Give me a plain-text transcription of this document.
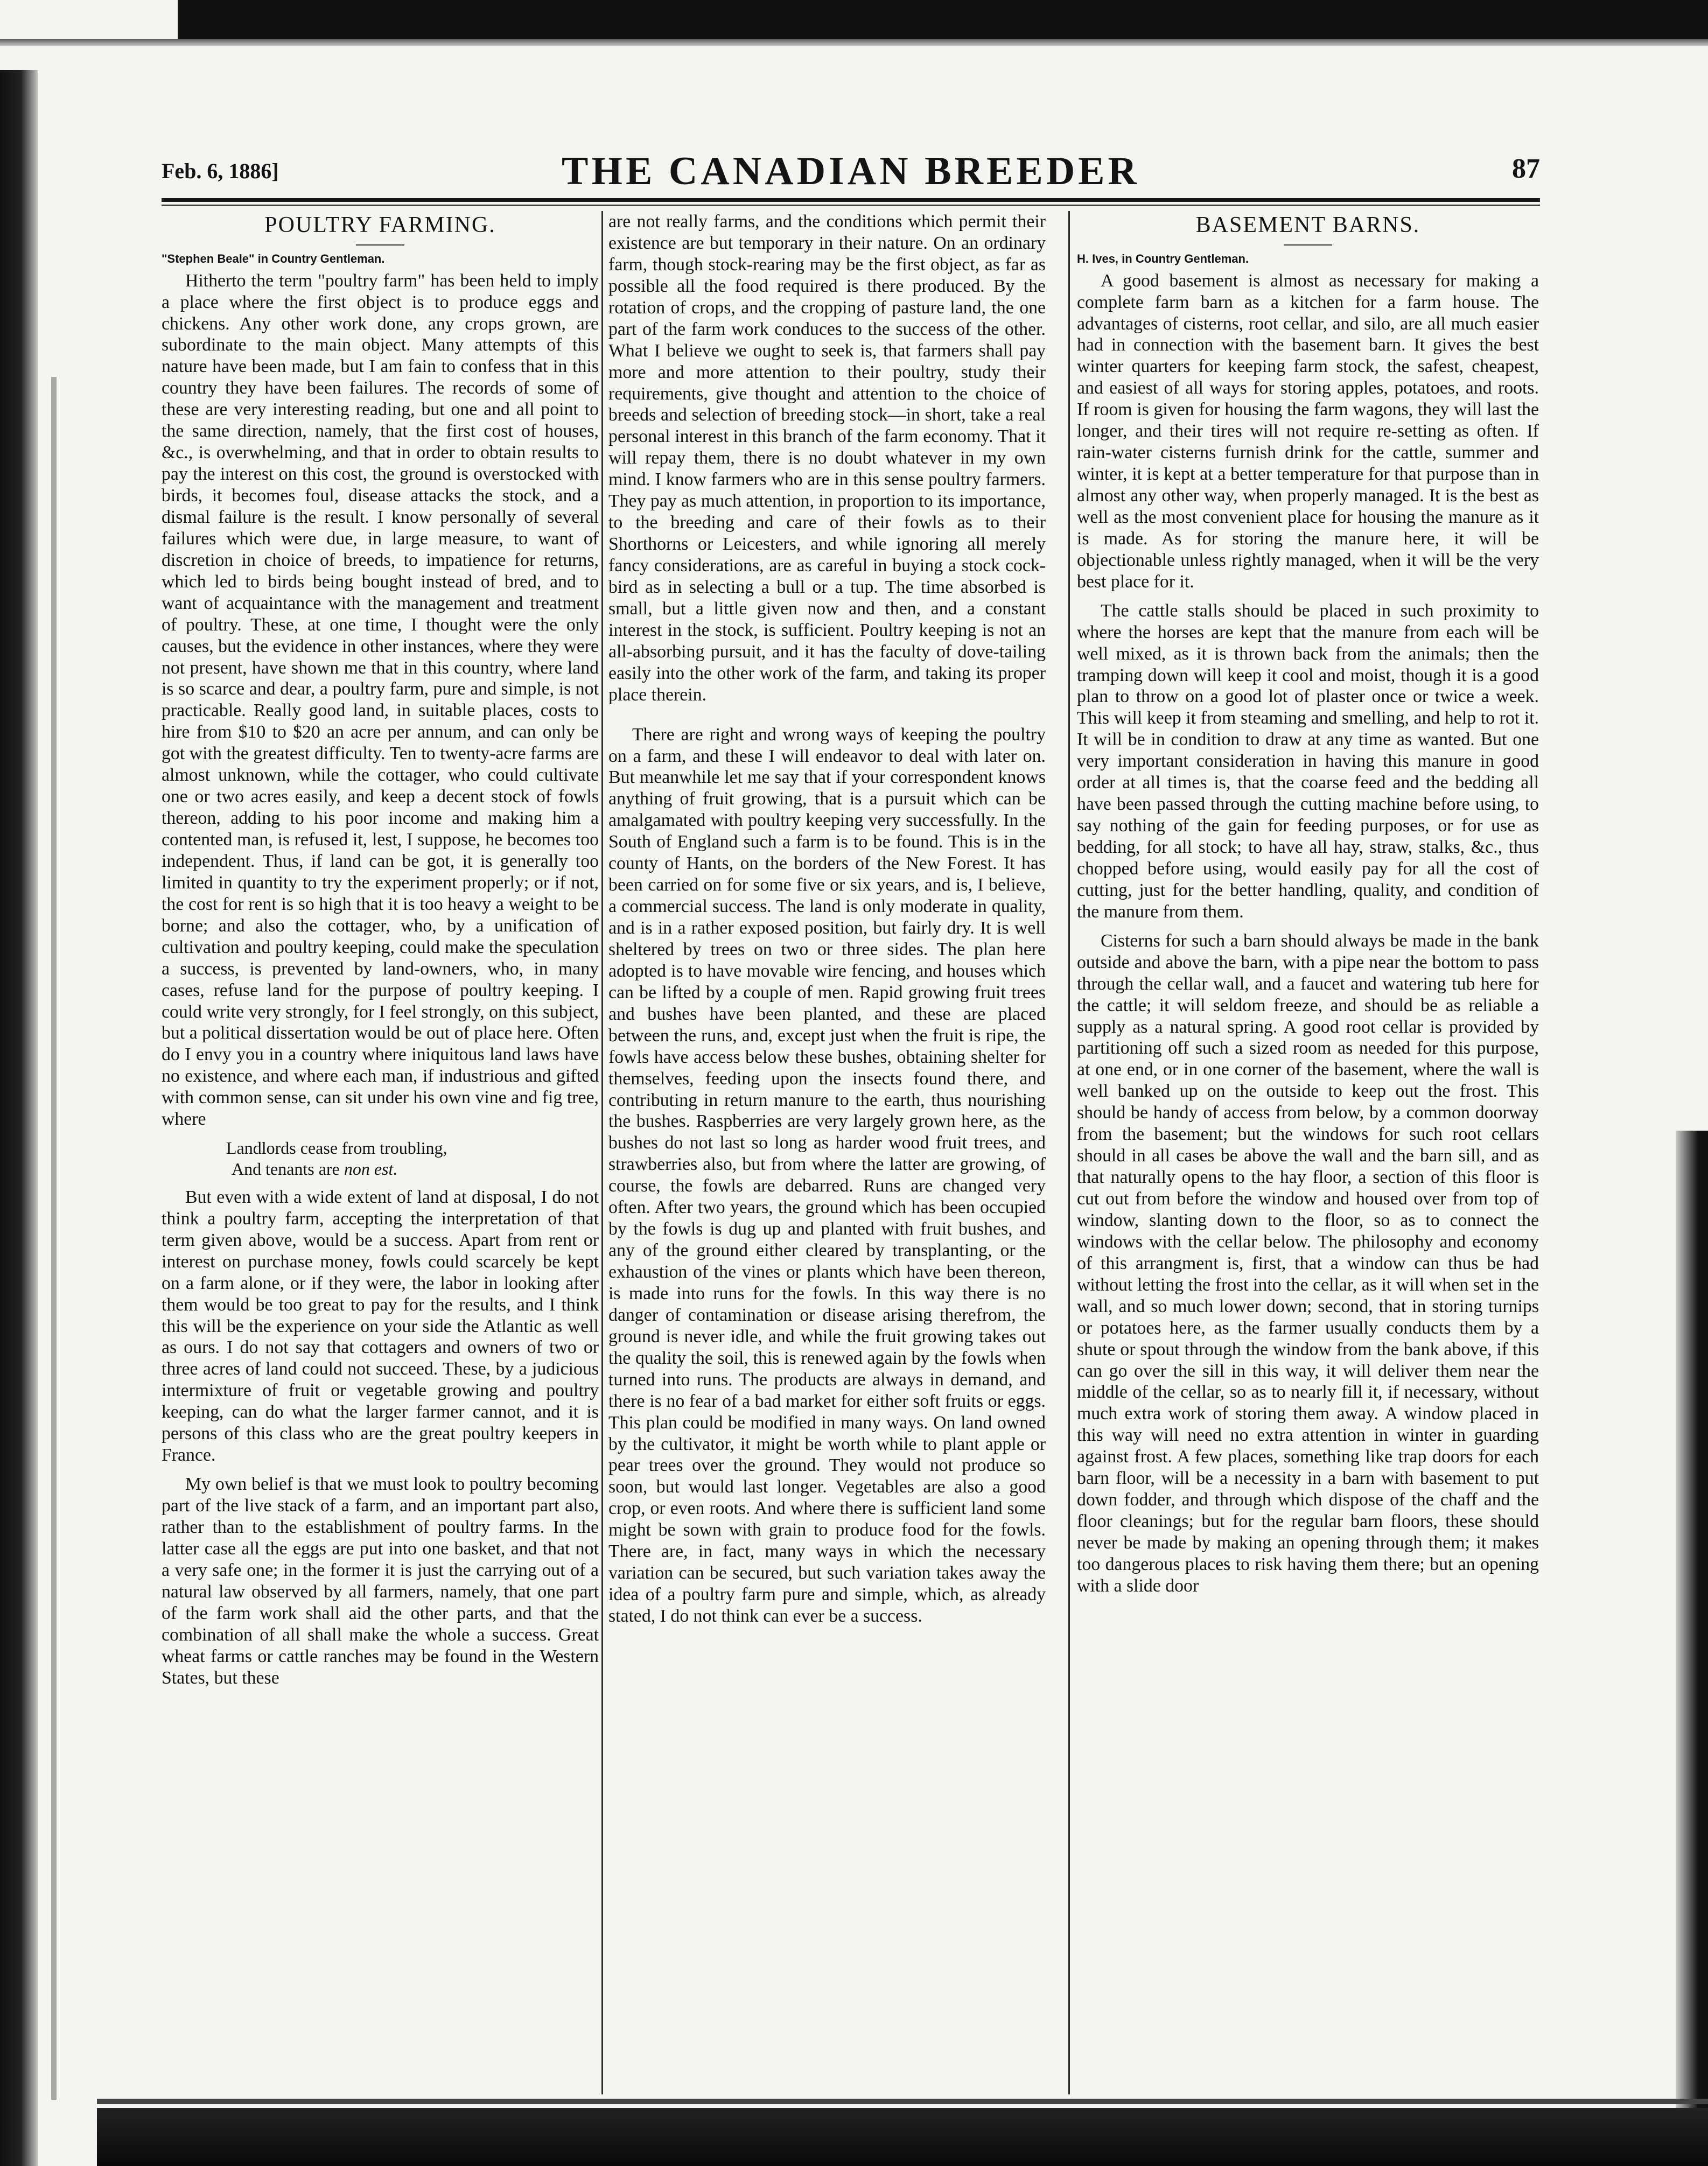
Feb. 6, 1886]	THE CANADIAN BREEDER	87
POULTRY FARMING.
"Stephen Beale" in Country Gentleman.

Hitherto the term "poultry farm" has been held to imply a place where the first object is to produce eggs and chickens. Any other work done, any crops grown, are subordinate to the main object. Many attempts of this nature have been made, but I am fain to confess that in this country they have been failures. The records of some of these are very interesting reading, but one and all point to the same direction, namely, that the first cost of houses, &c., is overwhelming, and that in order to obtain results to pay the interest on this cost, the ground is overstocked with birds, it becomes foul, disease attacks the stock, and a dismal failure is the result. I know personally of several failures which were due, in large measure, to want of discretion in choice of breeds, to impatience for returns, which led to birds being bought instead of bred, and to want of acquaintance with the management and treatment of poultry. These, at one time, I thought were the only causes, but the evidence in other instances, where they were not present, have shown me that in this country, where land is so scarce and dear, a poultry farm, pure and simple, is not practicable. Really good land, in suitable places, costs to hire from $10 to $20 an acre per annum, and can only be got with the greatest difficulty. Ten to twenty-acre farms are almost unknown, while the cottager, who could cultivate one or two acres easily, and keep a decent stock of fowls thereon, adding to his poor income and making him a contented man, is refused it, lest, I suppose, he becomes too independent. Thus, if land can be got, it is generally too limited in quantity to try the experiment properly; or if not, the cost for rent is so high that it is too heavy a weight to be borne; and also the cottager, who, by a unification of cultivation and poultry keeping, could make the speculation a success, is prevented by land-owners, who, in many cases, refuse land for the purpose of poultry keeping. I could write very strongly, for I feel strongly, on this subject, but a political dissertation would be out of place here. Often do I envy you in a country where iniquitous land laws have no existence, and where each man, if industrious and gifted with common sense, can sit under his own vine and fig tree, where

Landlords cease from troubling,
And tenants are non est.

But even with a wide extent of land at disposal, I do not think a poultry farm, accepting the interpretation of that term given above, would be a success. Apart from rent or interest on purchase money, fowls could scarcely be kept on a farm alone, or if they were, the labor in looking after them would be too great to pay for the results, and I think this will be the experience on your side the Atlantic as well as ours. I do not say that cottagers and owners of two or three acres of land could not succeed. These, by a judicious intermixture of fruit or vegetable growing and poultry keeping, can do what the larger farmer cannot, and it is persons of this class who are the great poultry keepers in France.

My own belief is that we must look to poultry becoming part of the live stack of a farm, and an important part also, rather than to the establishment of poultry farms. In the latter case all the eggs are put into one basket, and that not a very safe one; in the former it is just the carrying out of a natural law observed by all farmers, namely, that one part of the farm work shall aid the other parts, and that the combination of all shall make the whole a success. Great wheat farms or cattle ranches may be found in the Western States, but these

are not really farms, and the conditions which permit their existence are but temporary in their nature. On an ordinary farm, though stock-rearing may be the first object, as far as possible all the food required is there produced. By the rotation of crops, and the cropping of pasture land, the one part of the farm work conduces to the success of the other. What I believe we ought to seek is, that farmers shall pay more and more attention to their poultry, study their requirements, give thought and attention to the choice of breeds and selection of breeding stock—in short, take a real personal interest in this branch of the farm economy. That it will repay them, there is no doubt whatever in my own mind. I know farmers who are in this sense poultry farmers. They pay as much attention, in proportion to its importance, to the breeding and care of their fowls as to their Shorthorns or Leicesters, and while ignoring all merely fancy considerations, are as careful in buying a stock cock-bird as in selecting a bull or a tup. The time absorbed is small, but a little given now and then, and a constant interest in the stock, is sufficient. Poultry keeping is not an all-absorbing pursuit, and it has the faculty of dove-tailing easily into the other work of the farm, and taking its proper place therein.

There are right and wrong ways of keeping the poultry on a farm, and these I will endeavor to deal with later on. But meanwhile let me say that if your correspondent knows anything of fruit growing, that is a pursuit which can be amalgamated with poultry keeping very successfully. In the South of England such a farm is to be found. This is in the county of Hants, on the borders of the New Forest. It has been carried on for some five or six years, and is, I believe, a commercial success. The land is only moderate in quality, and is in a rather exposed position, but fairly dry. It is well sheltered by trees on two or three sides. The plan here adopted is to have movable wire fencing, and houses which can be lifted by a couple of men. Rapid growing fruit trees and bushes have been planted, and these are placed between the runs, and, except just when the fruit is ripe, the fowls have access below these bushes, obtaining shelter for themselves, feeding upon the insects found there, and contributing in return manure to the earth, thus nourishing the bushes. Raspberries are very largely grown here, as the bushes do not last so long as harder wood fruit trees, and strawberries also, but from where the latter are growing, of course, the fowls are debarred. Runs are changed very often. After two years, the ground which has been occupied by the fowls is dug up and planted with fruit bushes, and any of the ground either cleared by transplanting, or the exhaustion of the vines or plants which have been thereon, is made into runs for the fowls. In this way there is no danger of contamination or disease arising therefrom, the ground is never idle, and while the fruit growing takes out the quality the soil, this is renewed again by the fowls when turned into runs. The products are always in demand, and there is no fear of a bad market for either soft fruits or eggs. This plan could be modified in many ways. On land owned by the cultivator, it might be worth while to plant apple or pear trees over the ground. They would not produce so soon, but would last longer. Vegetables are also a good crop, or even roots. And where there is sufficient land some might be sown with grain to produce food for the fowls. There are, in fact, many ways in which the necessary variation can be secured, but such variation takes away the idea of a poultry farm pure and simple, which, as already stated, I do not think can ever be a success.

BASEMENT BARNS.
H. Ives, in Country Gentleman.

A good basement is almost as necessary for making a complete farm barn as a kitchen for a farm house. The advantages of cisterns, root cellar, and silo, are all much easier had in connection with the basement barn. It gives the best winter quarters for keeping farm stock, the safest, cheapest, and easiest of all ways for storing apples, potatoes, and roots. If room is given for housing the farm wagons, they will last the longer, and their tires will not require re-setting as often. If rain-water cisterns furnish drink for the cattle, summer and winter, it is kept at a better temperature for that purpose than in almost any other way, when properly managed. It is the best as well as the most convenient place for housing the manure as it is made. As for storing the manure here, it will be objectionable unless rightly managed, when it will be the very best place for it.

The cattle stalls should be placed in such proximity to where the horses are kept that the manure from each will be well mixed, as it is thrown back from the animals; then the tramping down will keep it cool and moist, though it is a good plan to throw on a good lot of plaster once or twice a week. This will keep it from steaming and smelling, and help to rot it. It will be in condition to draw at any time as wanted. But one very important consideration in having this manure in good order at all times is, that the coarse feed and the bedding all have been passed through the cutting machine before using, to say nothing of the gain for feeding purposes, or for use as bedding, for all stock; to have all hay, straw, stalks, &c., thus chopped before using, would easily pay for all the cost of cutting, just for the better handling, quality, and condition of the manure from them.

Cisterns for such a barn should always be made in the bank outside and above the barn, with a pipe near the bottom to pass through the cellar wall, and a faucet and watering tub here for the cattle; it will seldom freeze, and should be as reliable a supply as a natural spring. A good root cellar is provided by partitioning off such a sized room as needed for this purpose, at one end, or in one corner of the basement, where the wall is well banked up on the outside to keep out the frost. This should be handy of access from below, by a common doorway from the basement; but the windows for such root cellars should in all cases be above the wall and the barn sill, and as that naturally opens to the hay floor, a section of this floor is cut out from before the window and housed over from top of window, slanting down to the floor, so as to connect the windows with the cellar below. The philosophy and economy of this arrangment is, first, that a window can thus be had without letting the frost into the cellar, as it will when set in the wall, and so much lower down; second, that in storing turnips or potatoes here, as the farmer usually conducts them by a shute or spout through the window from the bank above, if this can go over the sill in this way, it will deliver them near the middle of the cellar, so as to nearly fill it, if necessary, without much extra work of storing them away. A window placed in this way will need no extra attention in winter in guarding against frost. A few places, something like trap doors for each barn floor, will be a necessity in a barn with basement to put down fodder, and through which dispose of the chaff and the floor cleanings; but for the regular barn floors, these should never be made by making an opening through them; it makes too dangerous places to risk having them there; but an opening with a slide door
